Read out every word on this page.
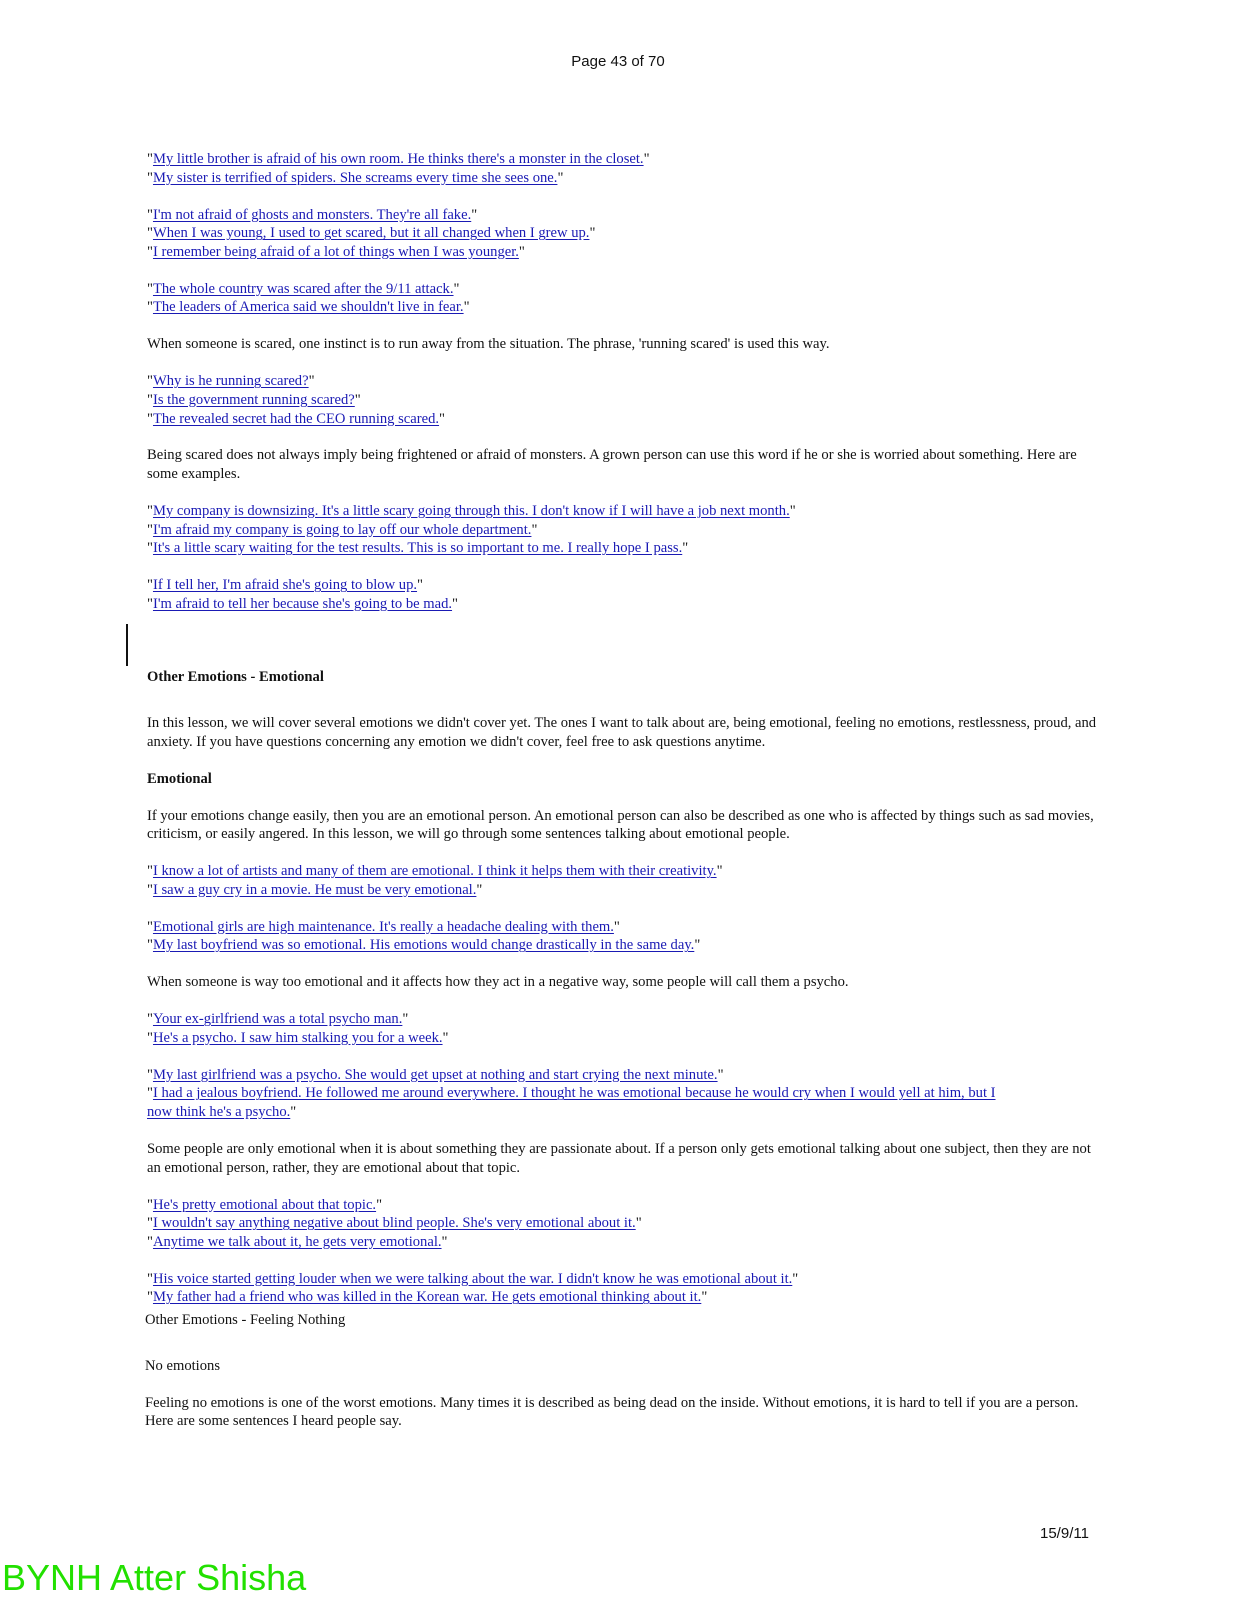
Page 43 of 70
"My little brother is afraid of his own room. He thinks there's a monster in the closet."
"My sister is terrified of spiders. She screams every time she sees one."
"I'm not afraid of ghosts and monsters. They're all fake."
"When I was young, I used to get scared, but it all changed when I grew up."
"I remember being afraid of a lot of things when I was younger."
"The whole country was scared after the 9/11 attack."
"The leaders of America said we shouldn't live in fear."
When someone is scared, one instinct is to run away from the situation. The phrase, 'running scared' is used this way.
"Why is he running scared?"
"Is the government running scared?"
"The revealed secret had the CEO running scared."
Being scared does not always imply being frightened or afraid of monsters. A grown person can use this word if he or she is worried about something. Here are some examples.
"My company is downsizing. It's a little scary going through this. I don't know if I will have a job next month."
"I'm afraid my company is going to lay off our whole department."
"It's a little scary waiting for the test results. This is so important to me. I really hope I pass."
"If I tell her, I'm afraid she's going to blow up."
"I'm afraid to tell her because she's going to be mad."
Other Emotions - Emotional
In this lesson, we will cover several emotions we didn't cover yet. The ones I want to talk about are, being emotional, feeling no emotions, restlessness, proud, and anxiety. If you have questions concerning any emotion we didn't cover, feel free to ask questions anytime.
Emotional
If your emotions change easily, then you are an emotional person. An emotional person can also be described as one who is affected by things such as sad movies, criticism, or easily angered. In this lesson, we will go through some sentences talking about emotional people.
"I know a lot of artists and many of them are emotional. I think it helps them with their creativity."
"I saw a guy cry in a movie. He must be very emotional."
"Emotional girls are high maintenance. It's really a headache dealing with them."
"My last boyfriend was so emotional. His emotions would change drastically in the same day."
When someone is way too emotional and it affects how they act in a negative way, some people will call them a psycho.
"Your ex-girlfriend was a total psycho man."
"He's a psycho. I saw him stalking you for a week."
"My last girlfriend was a psycho. She would get upset at nothing and start crying the next minute."
"I had a jealous boyfriend. He followed me around everywhere. I thought he was emotional because he would cry when I would yell at him, but I
now think he's a psycho."
Some people are only emotional when it is about something they are passionate about. If a person only gets emotional talking about one subject, then they are not an emotional person, rather, they are emotional about that topic.
"He's pretty emotional about that topic."
"I wouldn't say anything negative about blind people. She's very emotional about it."
"Anytime we talk about it, he gets very emotional."
"His voice started getting louder when we were talking about the war. I didn't know he was emotional about it."
"My father had a friend who was killed in the Korean war. He gets emotional thinking about it."
Other Emotions - Feeling Nothing
No emotions
Feeling no emotions is one of the worst emotions. Many times it is described as being dead on the inside. Without emotions, it is hard to tell if you are a person. Here are some sentences I heard people say.
15/9/11
BYNH Atter Shisha
